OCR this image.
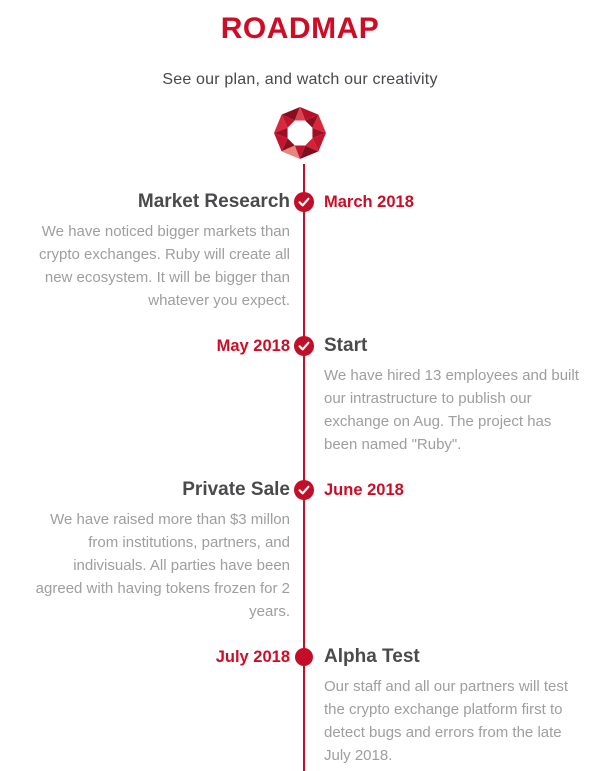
ROADMAP

See our plan, and watch our creativity

Market Research

We have noticed bigger markets than crypto exchanges. Ruby will create all new ecosystem. It will be bigger than whatever you expect.

March 2018
May 2018 Start

We have hired 13 employees and built our intrastructure to publish our exchange on Aug. The project has been named "Ruby".

Private Sale

We have raised more than $3 millon from institutions, partners, and indivisuals. All parties have been agreed with having tokens frozen for 2 years.

June 2018
July 2018 Alpha Test

Our staff and all our partners will test the crypto exchange platform first to detect bugs and errors from the late July 2018.
